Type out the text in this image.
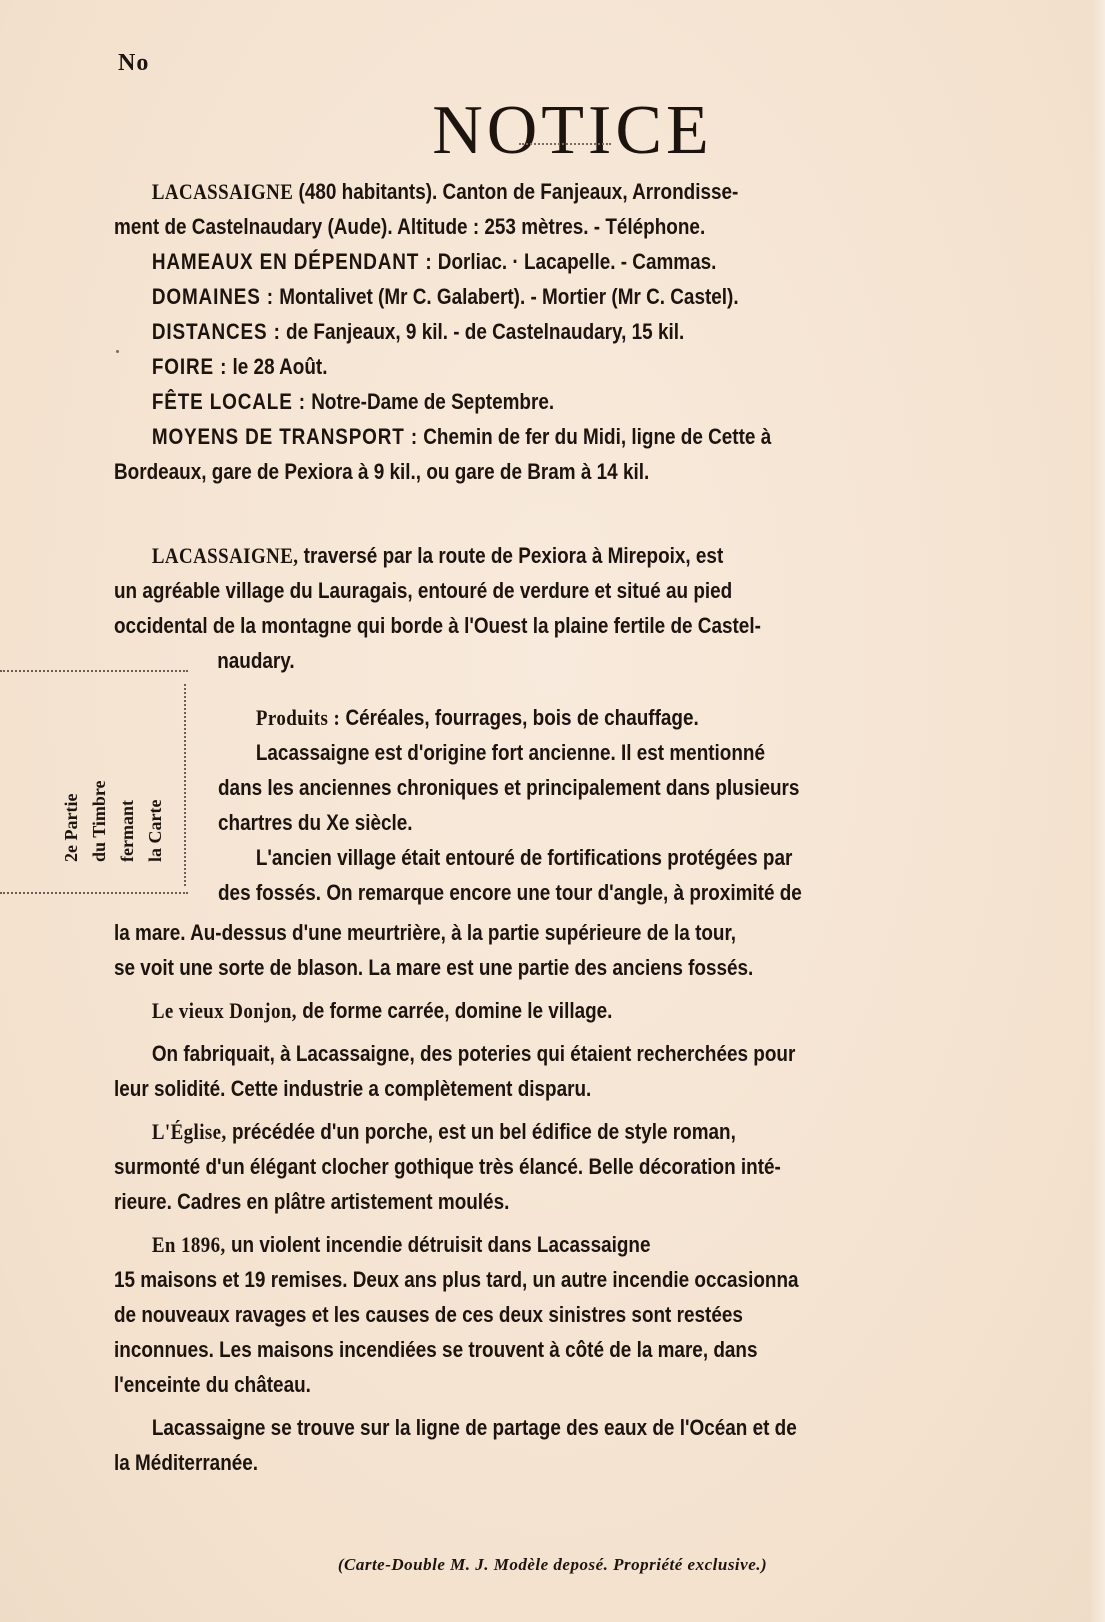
No
NOTICE
LACASSAIGNE (480 habitants). Canton de Fanjeaux, Arrondisse-
ment de Castelnaudary (Aude). Altitude : 253 mètres. - Téléphone.
HAMEAUX EN DÉPENDANT :
Dorliac. · Lacapelle. - Cammas.
DOMAINES :
Montalivet (Mr C. Galabert). - Mortier (Mr C. Castel).
DISTANCES :
de Fanjeaux, 9 kil. - de Castelnaudary, 15 kil.
FOIRE :
le 28 Août.
FÊTE LOCALE :
Notre-Dame de Septembre.
MOYENS DE TRANSPORT : Chemin de fer du Midi, ligne de Cette à
Bordeaux, gare de Pexiora à 9 kil., ou gare de Bram à 14 kil.
LACASSAIGNE, traversé par la route de Pexiora à Mirepoix, est
un agréable village du Lauragais, entouré de verdure et situé au pied
occidental de la montagne qui borde à l'Ouest la plaine fertile de Castel-
naudary.
2e Partie du Timbre fermant la Carte
Produits :
Céréales, fourrages, bois de chauffage.
Lacassaigne est d'origine fort ancienne. Il est mentionné
dans les anciennes chroniques et principalement dans plusieurs
chartres du Xe siècle.
L'ancien village était entouré de fortifications protégées par
des fossés. On remarque encore une tour d'angle, à proximité de
la mare. Au-dessus d'une meurtrière, à la partie supérieure de la tour,
se voit une sorte de blason. La mare est une partie des anciens fossés.
Le vieux Donjon,
de forme carrée, domine le village.
On fabriquait, à Lacassaigne, des poteries qui étaient recherchées pour
leur solidité. Cette industrie a complètement disparu.
L'Église, précédée d'un porche, est un bel édifice de style roman,
surmonté d'un élégant clocher gothique très élancé. Belle décoration inté-
rieure. Cadres en plâtre artistement moulés.
En 1896, un violent incendie détruisit dans Lacassaigne
15 maisons et 19 remises. Deux ans plus tard, un autre incendie occasionna
de nouveaux ravages et les causes de ces deux sinistres sont restées
inconnues. Les maisons incendiées se trouvent à côté de la mare, dans
l'enceinte du château.
Lacassaigne se trouve sur la ligne de partage des eaux de l'Océan et de
la Méditerranée.
(Carte-Double M. J. Modèle deposé. Propriété exclusive.)
